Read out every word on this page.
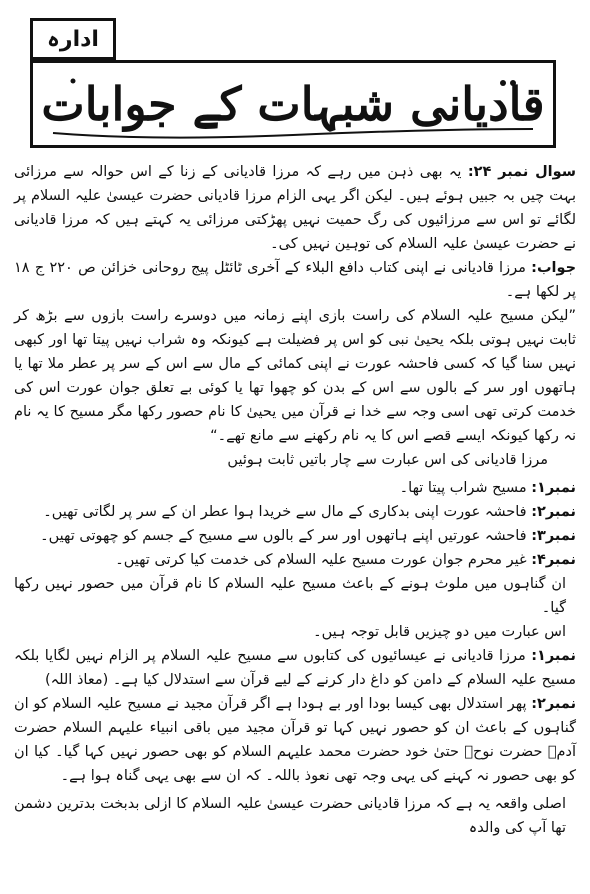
ادارہ
قادیانی شبہات کے جوابات

سوال نمبر ۲۴: یہ بھی ذہن میں رہے کہ مرزا قادیانی کے زنا کے اس حوالہ سے مرزائی بہت چیں بہ جبیں ہوئے ہیں۔ لیکن اگر یہی الزام مرزا قادیانی حضرت عیسیٰ علیہ السلام پر لگائے تو اس سے مرزائیوں کی رگ حمیت نہیں پھڑکتی مرزائی یہ کہتے ہیں کہ مرزا قادیانی نے حضرت عیسیٰ علیہ السلام کی توہین نہیں کی۔

جواب: مرزا قادیانی نے اپنی کتاب دافع البلاء کے آخری ٹائٹل پیج روحانی خزائن ص ۲۲۰ ج ۱۸ پر لکھا ہے۔

”لیکن مسیح علیہ السلام کی راست بازی اپنے زمانہ میں دوسرے راست بازوں سے بڑھ کر ثابت نہیں ہوتی بلکہ یحییٰ نبی کو اس پر فضیلت ہے کیونکہ وہ شراب نہیں پیتا تھا اور کبھی نہیں سنا گیا کہ کسی فاحشہ عورت نے اپنی کمائی کے مال سے اس کے سر پر عطر ملا تھا یا ہاتھوں اور سر کے بالوں سے اس کے بدن کو چھوا تھا یا کوئی بے تعلق جوان عورت اس کی خدمت کرتی تھی اسی وجہ سے خدا نے قرآن میں یحییٰ کا نام حصور رکھا مگر مسیح کا یہ نام نہ رکھا کیونکہ ایسے قصے اس کا یہ نام رکھنے سے مانع تھے۔“

مرزا قادیانی کی اس عبارت سے چار باتیں ثابت ہوئیں

نمبر۱: مسیح شراب پیتا تھا۔

نمبر۲: فاحشہ عورت اپنی بدکاری کے مال سے خریدا ہوا عطر ان کے سر پر لگاتی تھیں۔

نمبر۳: فاحشہ عورتیں اپنے ہاتھوں اور سر کے بالوں سے مسیح کے جسم کو چھوتی تھیں۔

نمبر۴: غیر محرم جوان عورت مسیح علیہ السلام کی خدمت کیا کرتی تھیں۔

ان گناہوں میں ملوث ہونے کے باعث مسیح علیہ السلام کا نام قرآن میں حصور نہیں رکھا گیا۔

اس عبارت میں دو چیزیں قابل توجہ ہیں۔

نمبر۱: مرزا قادیانی نے عیسائیوں کی کتابوں سے مسیح علیہ السلام پر الزام نہیں لگایا بلکہ مسیح علیہ السلام کے دامن کو داغ دار کرنے کے لیے قرآن سے استدلال کیا ہے۔ (معاذ اللہ)

نمبر۲: پھر استدلال بھی کیسا بودا اور بے ہودا ہے اگر قرآن مجید نے مسیح علیہ السلام کو ان گناہوں کے باعث ان کو حصور نہیں کہا تو قرآن مجید میں باقی انبیاء علیہم السلام حضرت آدمؑ حضرت نوحؑ حتیٰ خود حضرت محمد علیہم السلام کو بھی حصور نہیں کہا گیا۔ کیا ان کو بھی حصور نہ کہنے کی یہی وجہ تھی نعوذ باللہ۔ کہ ان سے بھی یہی گناہ ہوا ہے۔

اصلی واقعہ یہ ہے کہ مرزا قادیانی حضرت عیسیٰ علیہ السلام کا ازلی بدبخت بدترین دشمن تھا آپ کی والدہ
